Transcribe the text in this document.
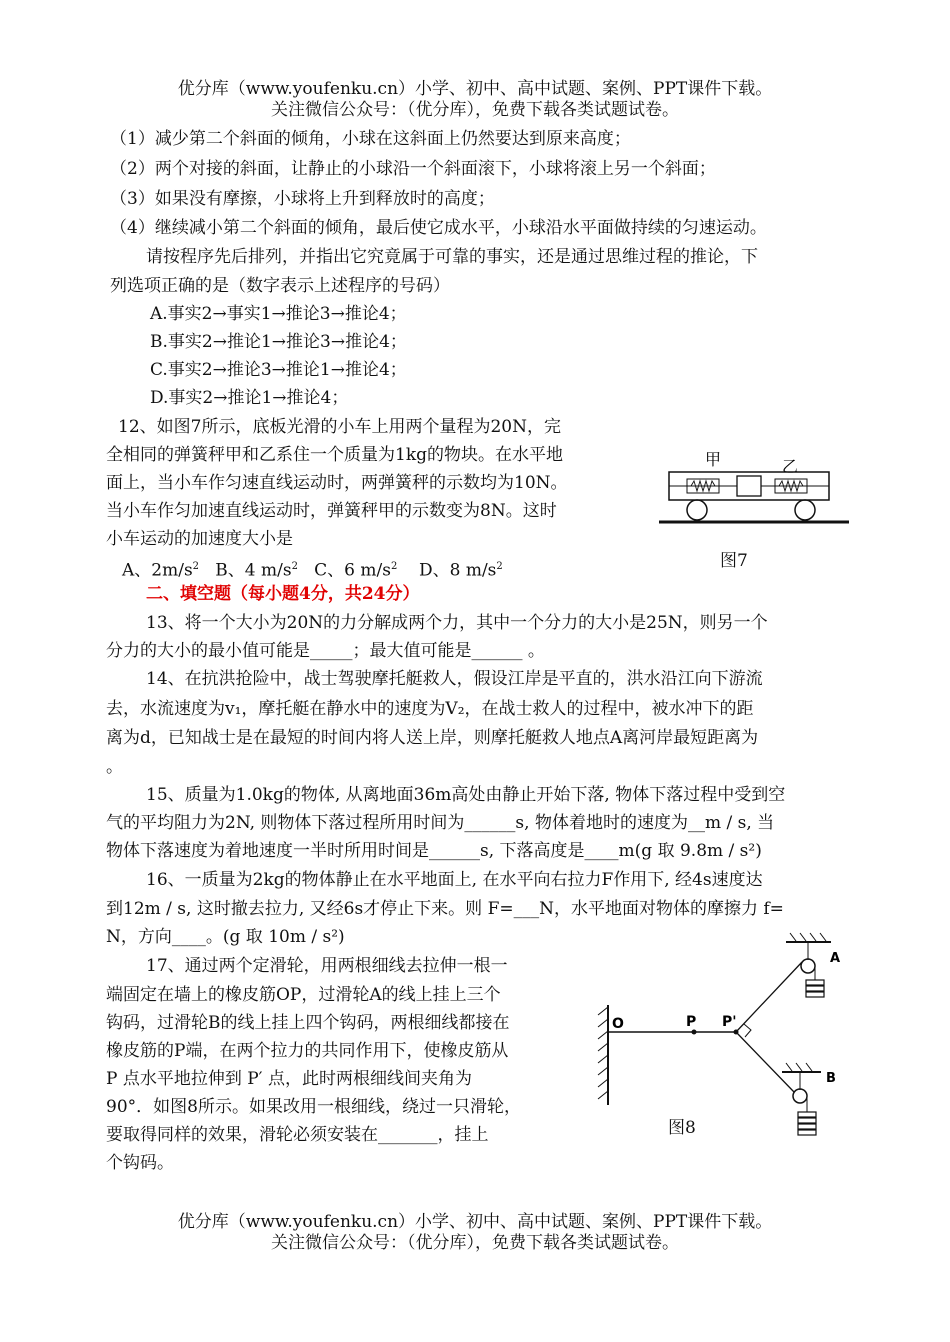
优分库（www.youfenku.cn）小学、初中、高中试题、案例、PPT课件下载。
关注微信公众号：（优分库），免费下载各类试题试卷。
（1）减少第二个斜面的倾角，小球在这斜面上仍然要达到原来高度；
（2）两个对接的斜面，让静止的小球沿一个斜面滚下，小球将滚上另一个斜面；
（3）如果没有摩擦，小球将上升到释放时的高度；
（4）继续减小第二个斜面的倾角，最后使它成水平，小球沿水平面做持续的匀速运动。
请按程序先后排列，并指出它究竟属于可靠的事实，还是通过思维过程的推论，下
列选项正确的是（数字表示上述程序的号码）
A.事实2→事实1→推论3→推论4；
B.事实2→推论1→推论3→推论4；
C.事实2→推论3→推论1→推论4；
D.事实2→推论1→推论4；
12、如图7所示，底板光滑的小车上用两个量程为20N，完
全相同的弹簧秤甲和乙系住一个质量为1kg的物块。在水平地
面上，当小车作匀速直线运动时，两弹簧秤的示数均为10N。
当小车作匀加速直线运动时，弹簧秤甲的示数变为8N。这时
小车运动的加速度大小是
A、$2m/s^2$ B、4 $m/s^2$ C、6 $m/s^2$ D、8 $m/s^2$
甲	乙
图7
二、填空题（每小题4分，共24分）
13、将一个大小为20N的力分解成两个力，其中一个分力的大小是25N，则另一个
分力的大小的最小值可能是_____；最大值可能是______ 。
14、在抗洪抢险中，战士驾驶摩托艇救人，假设江岸是平直的，洪水沿江向下游流
去，水流速度为v₁，摩托艇在静水中的速度为V₂，在战士救人的过程中，被水冲下的距
离为d，已知战士是在最短的时间内将人送上岸，则摩托艇救人地点A离河岸最短距离为
。
15、质量为1.0kg的物体, 从离地面36m高处由静止开始下落, 物体下落过程中受到空
气的平均阻力为2N, 则物体下落过程所用时间为______s, 物体着地时的速度为__m / s, 当
物体下落速度为着地速度一半时所用时间是______s, 下落高度是____m(g 取 9.8m / s²)
16、一质量为2kg的物体静止在水平地面上, 在水平向右拉力F作用下, 经4s速度达
到12m / s, 这时撤去拉力, 又经6s才停止下来。则 F=___N，水平地面对物体的摩擦力 f=
N，方向____。(g 取 10m / s²)
17、通过两个定滑轮，用两根细线去拉伸一根一
端固定在墙上的橡皮筋OP，过滑轮A的线上挂上三个
钩码，过滑轮B的线上挂上四个钩码，两根细线都接在
橡皮筋的P端，在两个拉力的共同作用下，使橡皮筋从
P 点水平地拉伸到 P′ 点，此时两根细线间夹角为
90°．如图8所示。如果改用一根细线，绕过一只滑轮，
要取得同样的效果，滑轮必须安装在_______，挂上
个钩码。
O	P P'
A
B
图8
优分库（www.youfenku.cn）小学、初中、高中试题、案例、PPT课件下载。
关注微信公众号：（优分库），免费下载各类试题试卷。
